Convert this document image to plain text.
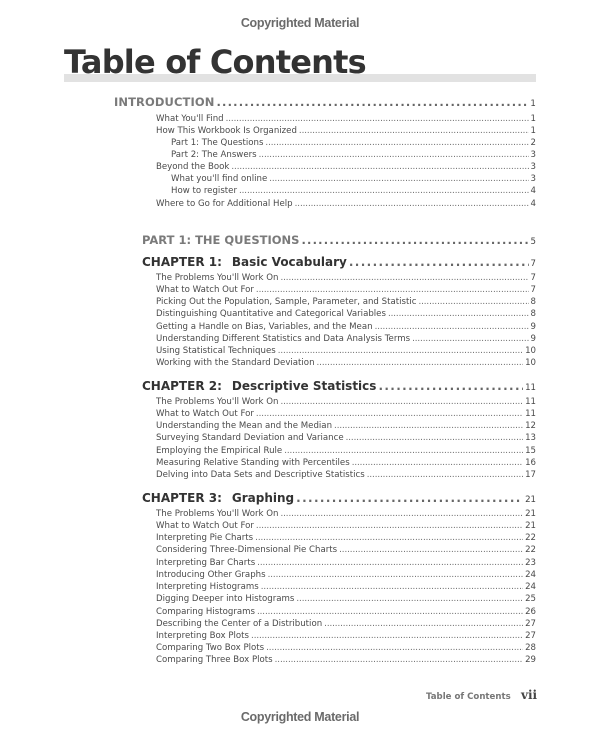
Copyrighted Material
Table of Contents
INTRODUCTION . . .	1
What You'll Find . . .	1
How This Workbook Is Organized . . .	1
Part 1: The Questions . . .	2
Part 2: The Answers . . .	3
Beyond the Book . . .	3
What you'll find online . . .	3
How to register . . .	4
Where to Go for Additional Help . . .	4
PART 1: THE QUESTIONS . . .	5
CHAPTER 1: Basic Vocabulary . . .	7
The Problems You'll Work On . . .	7
What to Watch Out For . . .	7
Picking Out the Population, Sample, Parameter, and Statistic . . .	8
Distinguishing Quantitative and Categorical Variables . . .	8
Getting a Handle on Bias, Variables, and the Mean . . .	9
Understanding Different Statistics and Data Analysis Terms . . .	9
Using Statistical Techniques . . .	10
Working with the Standard Deviation . . .	10
CHAPTER 2: Descriptive Statistics . . .	11
The Problems You'll Work On . . .	11
What to Watch Out For . . .	11
Understanding the Mean and the Median . . .	12
Surveying Standard Deviation and Variance . . .	13
Employing the Empirical Rule . . .	15
Measuring Relative Standing with Percentiles . . .	16
Delving into Data Sets and Descriptive Statistics . . .	17
CHAPTER 3: Graphing . . .	21
The Problems You'll Work On . . .	21
What to Watch Out For . . .	21
Interpreting Pie Charts . . .	22
Considering Three-Dimensional Pie Charts . . .	22
Interpreting Bar Charts . . .	23
Introducing Other Graphs . . .	24
Interpreting Histograms . . .	24
Digging Deeper into Histograms . . .	25
Comparing Histograms . . .	26
Describing the Center of a Distribution . . .	27
Interpreting Box Plots . . .	27
Comparing Two Box Plots . . .	28
Comparing Three Box Plots . . .	29
Table of Contents vii
Copyrighted Material
